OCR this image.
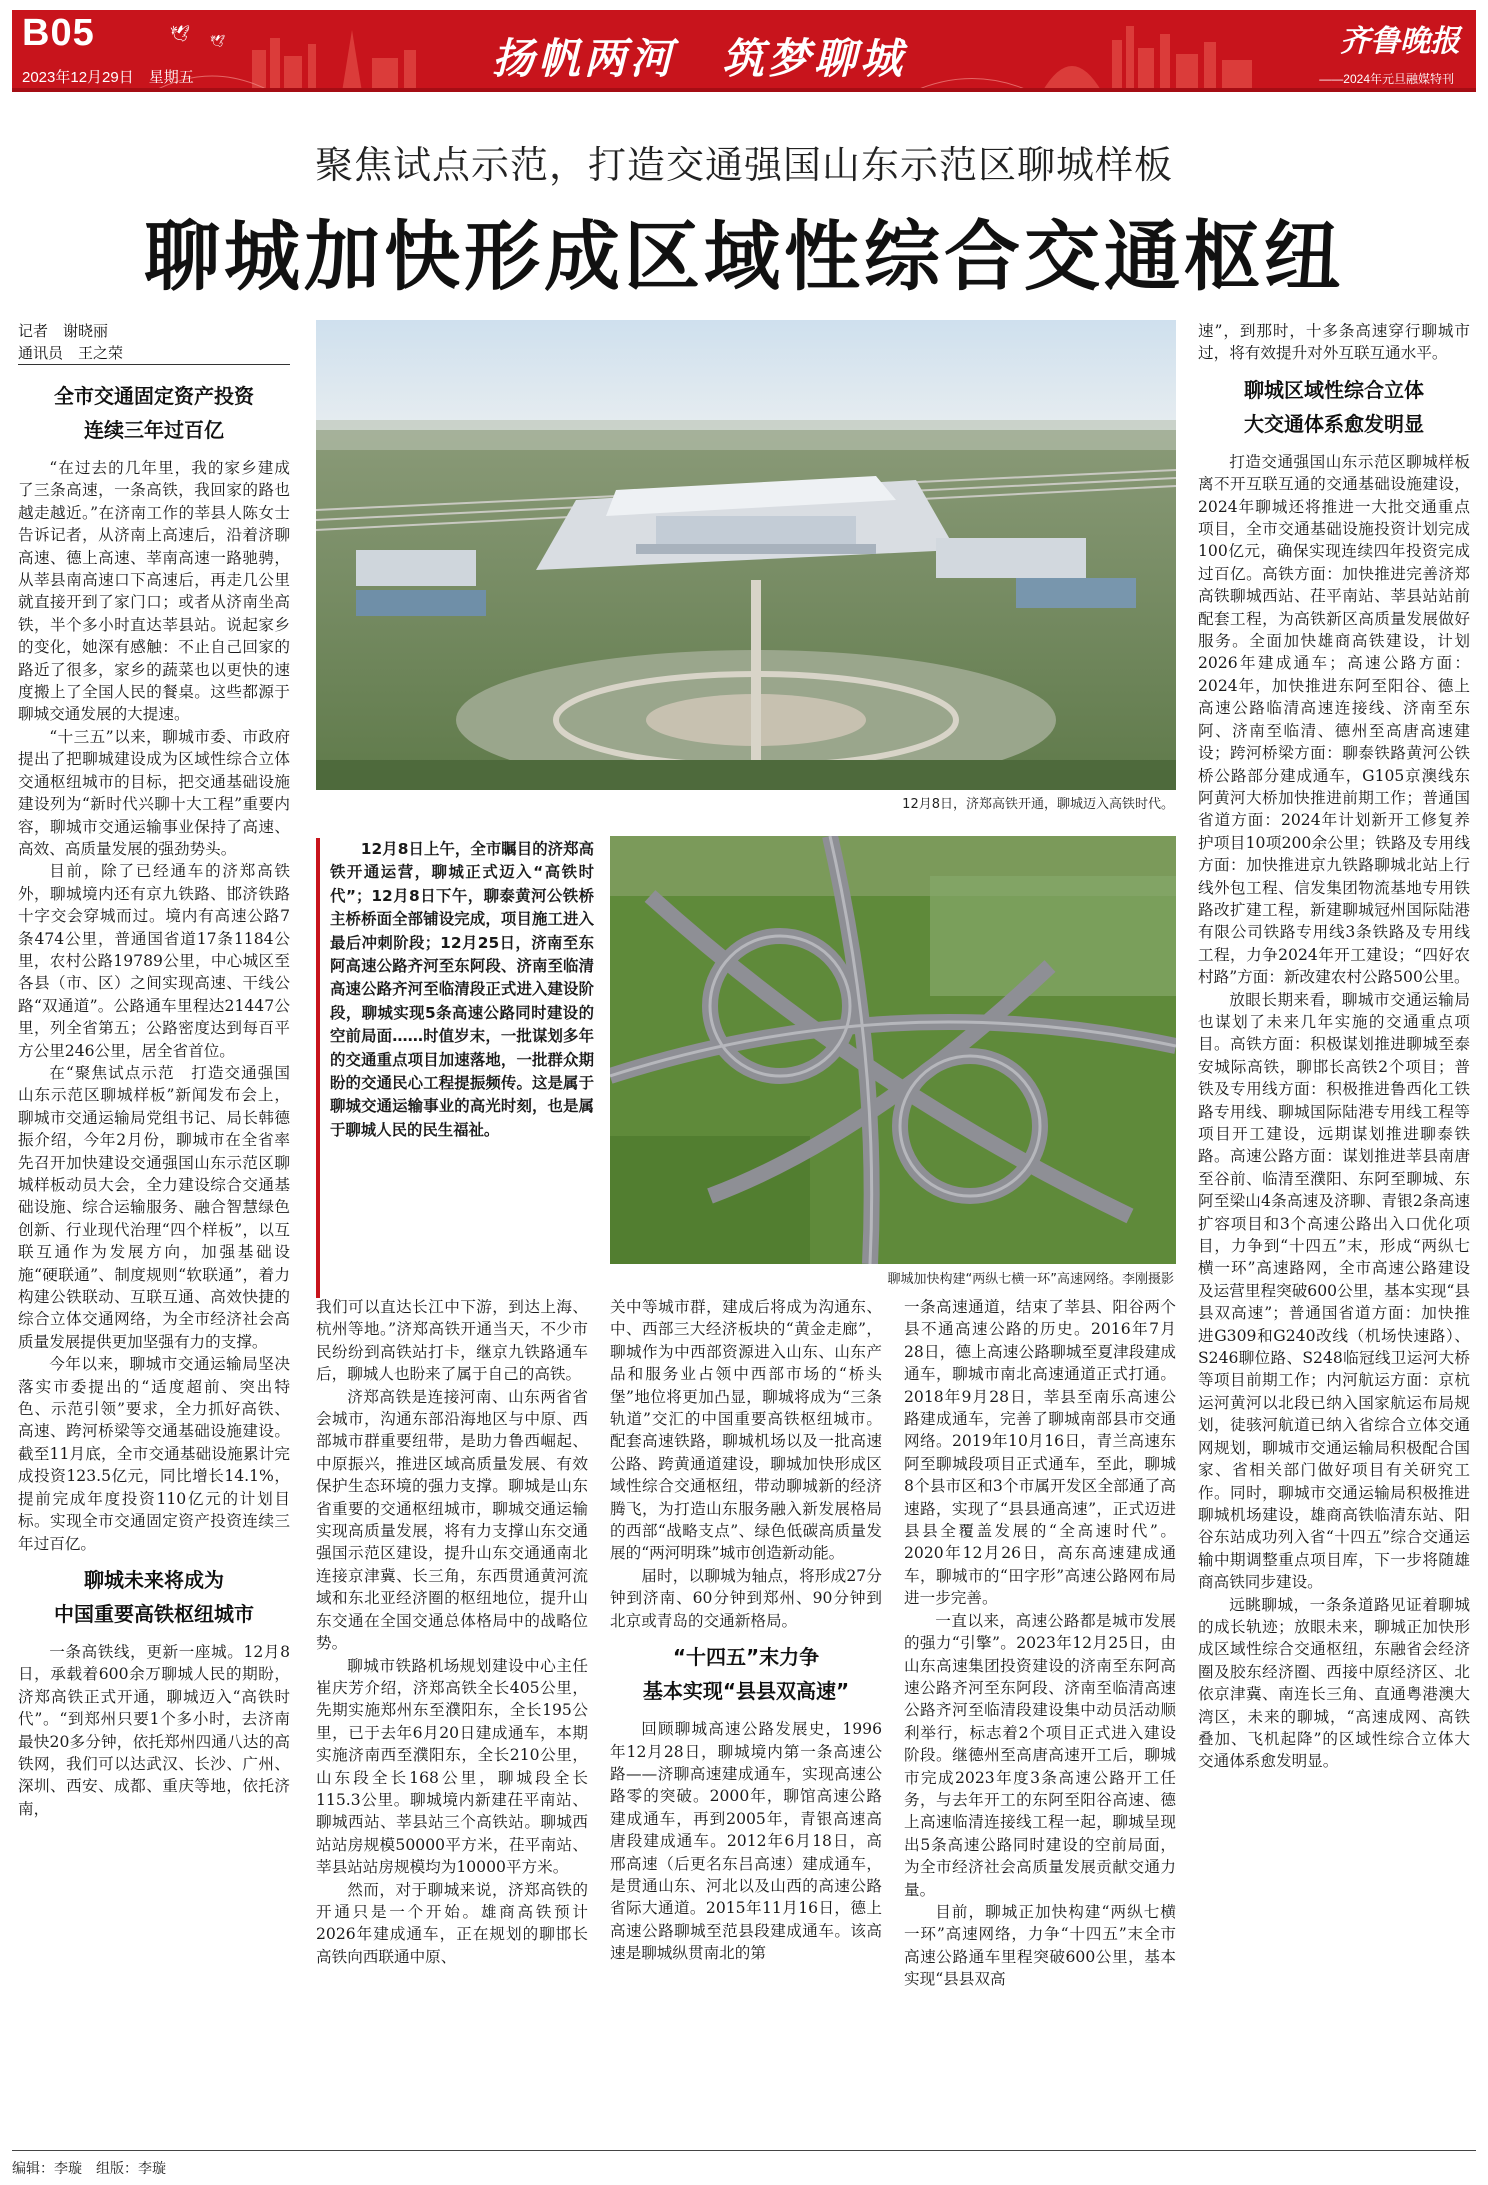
🕊 🕊
B05
2023年12月29日　星期五	扬帆两河　筑梦聊城	齐鲁晚报
——2024年元旦融媒特刊
聚焦试点示范，打造交通强国山东示范区聊城样板
聊城加快形成区域性综合交通枢纽
记者　谢晓丽
通讯员　王之荣
全市交通固定资产投资
连续三年过百亿

“在过去的几年里，我的家乡建成了三条高速，一条高铁，我回家的路也越走越近。”在济南工作的莘县人陈女士告诉记者，从济南上高速后，沿着济聊高速、德上高速、莘南高速一路驰骋，从莘县南高速口下高速后，再走几公里就直接开到了家门口；或者从济南坐高铁，半个多小时直达莘县站。说起家乡的变化，她深有感触：不止自己回家的路近了很多，家乡的蔬菜也以更快的速度搬上了全国人民的餐桌。这些都源于聊城交通发展的大提速。

“十三五”以来，聊城市委、市政府提出了把聊城建设成为区域性综合立体交通枢纽城市的目标，把交通基础设施建设列为“新时代兴聊十大工程”重要内容，聊城市交通运输事业保持了高速、高效、高质量发展的强劲势头。

目前，除了已经通车的济郑高铁外，聊城境内还有京九铁路、邯济铁路十字交会穿城而过。境内有高速公路7条474公里，普通国省道17条1184公里，农村公路19789公里，中心城区至各县（市、区）之间实现高速、干线公路“双通道”。公路通车里程达21447公里，列全省第五；公路密度达到每百平方公里246公里，居全省首位。

在“聚焦试点示范　打造交通强国山东示范区聊城样板”新闻发布会上，聊城市交通运输局党组书记、局长韩德振介绍，今年2月份，聊城市在全省率先召开加快建设交通强国山东示范区聊城样板动员大会，全力建设综合交通基础设施、综合运输服务、融合智慧绿色创新、行业现代治理“四个样板”，以互联互通作为发展方向，加强基础设施“硬联通”、制度规则“软联通”，着力构建公铁联动、互联互通、高效快捷的综合立体交通网络，为全市经济社会高质量发展提供更加坚强有力的支撑。

今年以来，聊城市交通运输局坚决落实市委提出的“适度超前、突出特色、示范引领”要求，全力抓好高铁、高速、跨河桥梁等交通基础设施建设。截至11月底，全市交通基础设施累计完成投资123.5亿元，同比增长14.1%，提前完成年度投资110亿元的计划目标。实现全市交通固定资产投资连续三年过百亿。

聊城未来将成为
中国重要高铁枢纽城市

一条高铁线，更新一座城。12月8日，承载着600余万聊城人民的期盼，济郑高铁正式开通，聊城迈入“高铁时代”。“到郑州只要1个多小时，去济南最快20多分钟，依托郑州四通八达的高铁网，我们可以达武汉、长沙、广州、深圳、西安、成都、重庆等地，依托济南，

12月8日，济郑高铁开通，聊城迈入高铁时代。

12月8日上午，全市瞩目的济郑高铁开通运营，聊城正式迈入“高铁时代”；12月8日下午，聊泰黄河公铁桥主桥桥面全部铺设完成，项目施工进入最后冲刺阶段；12月25日，济南至东阿高速公路齐河至东阿段、济南至临清高速公路齐河至临清段正式进入建设阶段，聊城实现5条高速公路同时建设的空前局面……时值岁末，一批谋划多年的交通重点项目加速落地，一批群众期盼的交通民心工程提振频传。这是属于聊城交通运输事业的高光时刻，也是属于聊城人民的民生福祉。

聊城加快构建“两纵七横一环”高速网络。李刚摄影

我们可以直达长江中下游，到达上海、杭州等地。”济郑高铁开通当天，不少市民纷纷到高铁站打卡，继京九铁路通车后，聊城人也盼来了属于自己的高铁。

济郑高铁是连接河南、山东两省省会城市，沟通东部沿海地区与中原、西部城市群重要纽带，是助力鲁西崛起、中原振兴，推进区域高质量发展、有效保护生态环境的强力支撑。聊城是山东省重要的交通枢纽城市，聊城交通运输实现高质量发展，将有力支撑山东交通强国示范区建设，提升山东交通通南北连接京津冀、长三角，东西贯通黄河流域和东北亚经济圈的枢纽地位，提升山东交通在全国交通总体格局中的战略位势。

聊城市铁路机场规划建设中心主任崔庆芳介绍，济郑高铁全长405公里，先期实施郑州东至濮阳东，全长195公里，已于去年6月20日建成通车，本期实施济南西至濮阳东，全长210公里，山东段全长168公里，聊城段全长115.3公里。聊城境内新建茌平南站、聊城西站、莘县站三个高铁站。聊城西站站房规模50000平方米，茌平南站、莘县站站房规模均为10000平方米。

然而，对于聊城来说，济郑高铁的开通只是一个开始。雄商高铁预计2026年建成通车，正在规划的聊邯长高铁向西联通中原、

关中等城市群，建成后将成为沟通东、中、西部三大经济板块的“黄金走廊”，聊城作为中西部资源进入山东、山东产品和服务业占领中西部市场的“桥头堡”地位将更加凸显，聊城将成为“三条轨道”交汇的中国重要高铁枢纽城市。配套高速铁路，聊城机场以及一批高速公路、跨黄通道建设，聊城加快形成区域性综合交通枢纽，带动聊城新的经济腾飞，为打造山东服务融入新发展格局的西部“战略支点”、绿色低碳高质量发展的“两河明珠”城市创造新动能。

届时，以聊城为轴点，将形成27分钟到济南、60分钟到郑州、90分钟到北京或青岛的交通新格局。

“十四五”末力争
基本实现“县县双高速”

回顾聊城高速公路发展史，1996年12月28日，聊城境内第一条高速公路——济聊高速建成通车，实现高速公路零的突破。2000年，聊馆高速公路建成通车，再到2005年，青银高速高唐段建成通车。2012年6月18日，高邢高速（后更名东吕高速）建成通车，是贯通山东、河北以及山西的高速公路省际大通道。2015年11月16日，德上高速公路聊城至范县段建成通车。该高速是聊城纵贯南北的第

一条高速通道，结束了莘县、阳谷两个县不通高速公路的历史。2016年7月28日，德上高速公路聊城至夏津段建成通车，聊城市南北高速通道正式打通。2018年9月28日，莘县至南乐高速公路建成通车，完善了聊城南部县市交通网络。2019年10月16日，青兰高速东阿至聊城段项目正式通车，至此，聊城8个县市区和3个市属开发区全部通了高速路，实现了“县县通高速”，正式迈进县县全覆盖发展的“全高速时代”。2020年12月26日，高东高速建成通车，聊城市的“田字形”高速公路网布局进一步完善。

一直以来，高速公路都是城市发展的强力“引擎”。2023年12月25日，由山东高速集团投资建设的济南至东阿高速公路齐河至东阿段、济南至临清高速公路齐河至临清段建设集中动员活动顺利举行，标志着2个项目正式进入建设阶段。继德州至高唐高速开工后，聊城市完成2023年度3条高速公路开工任务，与去年开工的东阿至阳谷高速、德上高速临清连接线工程一起，聊城呈现出5条高速公路同时建设的空前局面，为全市经济社会高质量发展贡献交通力量。

目前，聊城正加快构建“两纵七横一环”高速网络，力争“十四五”末全市高速公路通车里程突破600公里，基本实现“县县双高

速”，到那时，十多条高速穿行聊城市过，将有效提升对外互联互通水平。

聊城区域性综合立体
大交通体系愈发明显

打造交通强国山东示范区聊城样板离不开互联互通的交通基础设施建设，2024年聊城还将推进一大批交通重点项目，全市交通基础设施投资计划完成100亿元，确保实现连续四年投资完成过百亿。高铁方面：加快推进完善济郑高铁聊城西站、茌平南站、莘县站站前配套工程，为高铁新区高质量发展做好服务。全面加快雄商高铁建设，计划2026年建成通车；高速公路方面：2024年，加快推进东阿至阳谷、德上高速公路临清高速连接线、济南至东阿、济南至临清、德州至高唐高速建设；跨河桥梁方面：聊泰铁路黄河公铁桥公路部分建成通车，G105京澳线东阿黄河大桥加快推进前期工作；普通国省道方面：2024年计划新开工修复养护项目10项200余公里；铁路及专用线方面：加快推进京九铁路聊城北站上行线外包工程、信发集团物流基地专用铁路改扩建工程，新建聊城冠州国际陆港有限公司铁路专用线3条铁路及专用线工程，力争2024年开工建设；“四好农村路”方面：新改建农村公路500公里。

放眼长期来看，聊城市交通运输局也谋划了未来几年实施的交通重点项目。高铁方面：积极谋划推进聊城至泰安城际高铁，聊邯长高铁2个项目；普铁及专用线方面：积极推进鲁西化工铁路专用线、聊城国际陆港专用线工程等项目开工建设，远期谋划推进聊泰铁路。高速公路方面：谋划推进莘县南唐至谷前、临清至濮阳、东阿至聊城、东阿至梁山4条高速及济聊、青银2条高速扩容项目和3个高速公路出入口优化项目，力争到“十四五”末，形成“两纵七横一环”高速路网，全市高速公路建设及运营里程突破600公里，基本实现“县县双高速”；普通国省道方面：加快推进G309和G240改线（机场快速路）、S246聊位路、S248临冠线卫运河大桥等项目前期工作；内河航运方面：京杭运河黄河以北段已纳入国家航运布局规划，徒骇河航道已纳入省综合立体交通网规划，聊城市交通运输局积极配合国家、省相关部门做好项目有关研究工作。同时，聊城市交通运输局积极推进聊城机场建设，雄商高铁临清东站、阳谷东站成功列入省“十四五”综合交通运输中期调整重点项目库，下一步将随雄商高铁同步建设。

远眺聊城，一条条道路见证着聊城的成长轨迹；放眼未来，聊城正加快形成区域性综合交通枢纽，东融省会经济圈及胶东经济圈、西接中原经济区、北依京津冀、南连长三角、直通粤港澳大湾区，未来的聊城，“高速成网、高铁叠加、飞机起降”的区域性综合立体大交通体系愈发明显。

编辑：李璇　组版：李璇
